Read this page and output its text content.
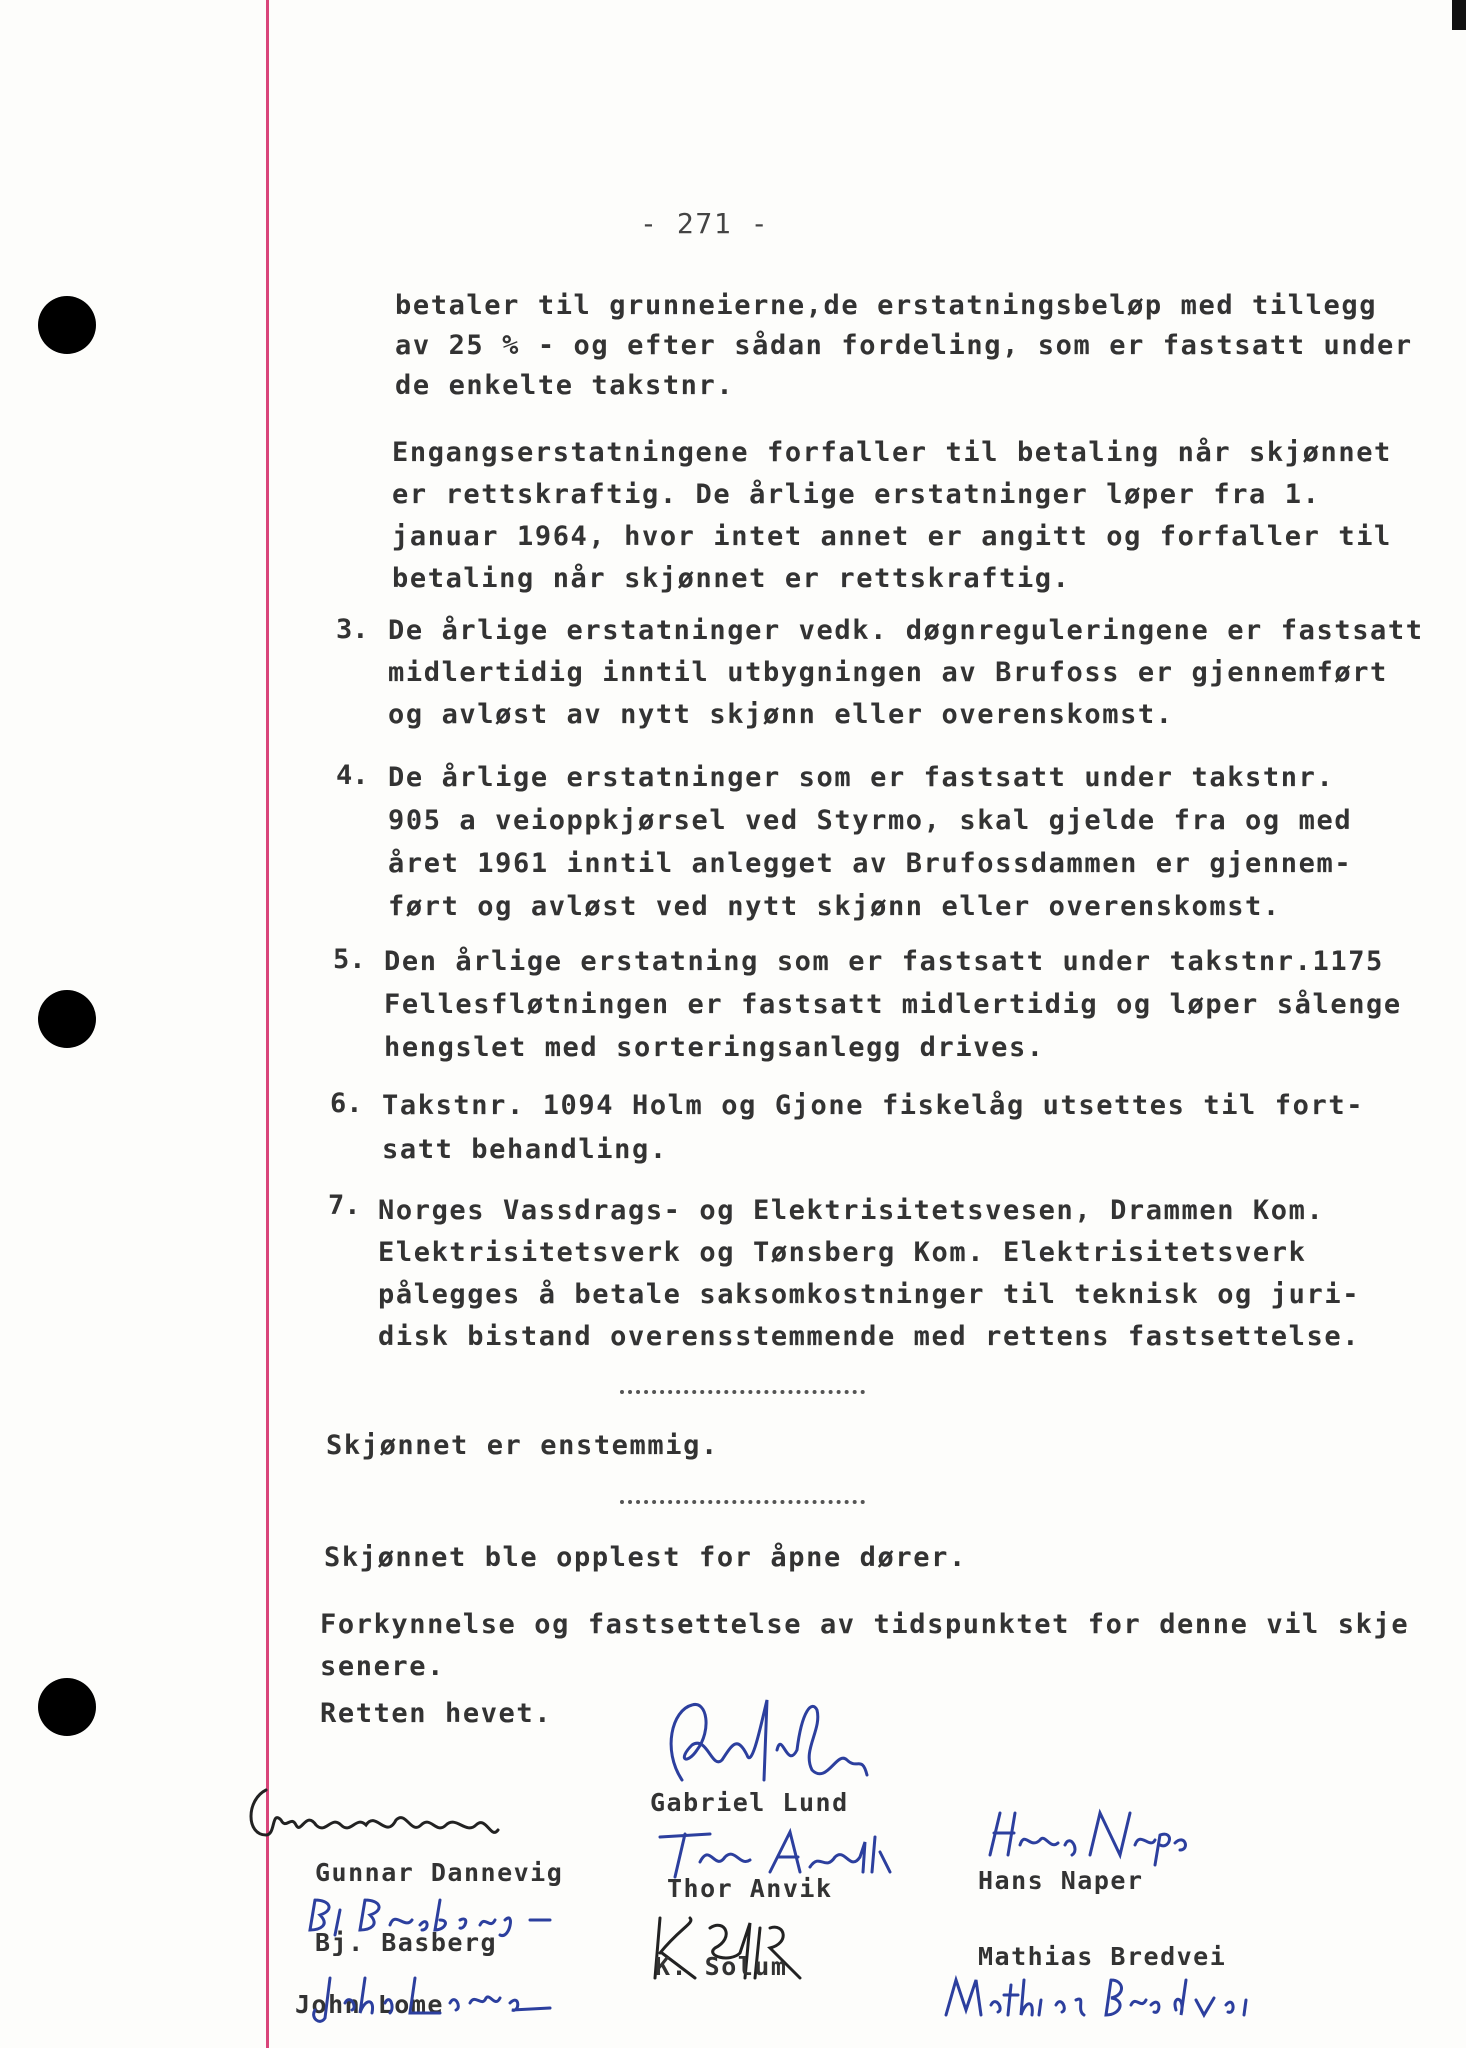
- 271 -
betaler til grunneierne,de erstatningsbeløp med tillegg
av 25 % - og efter sådan fordeling, som er fastsatt under
de enkelte takstnr.
Engangserstatningene forfaller til betaling når skjønnet
er rettskraftig. De årlige erstatninger løper fra 1.
januar 1964, hvor intet annet er angitt og forfaller til
betaling når skjønnet er rettskraftig.
3. De årlige erstatninger vedk. døgnreguleringene er fastsatt
midlertidig inntil utbygningen av Brufoss er gjennemført
og avløst av nytt skjønn eller overenskomst.
4. De årlige erstatninger som er fastsatt under takstnr.
905 a veioppkjørsel ved Styrmo, skal gjelde fra og med
året 1961 inntil anlegget av Brufossdammen er gjennem-
ført og avløst ved nytt skjønn eller overenskomst.
5. Den årlige erstatning som er fastsatt under takstnr.1175
Fellesfløtningen er fastsatt midlertidig og løper sålenge
hengslet med sorteringsanlegg drives.
6. Takstnr. 1094 Holm og Gjone fiskelåg utsettes til fort-
satt behandling.
7. Norges Vassdrags- og Elektrisitetsvesen, Drammen Kom.
Elektrisitetsverk og Tønsberg Kom. Elektrisitetsverk
pålegges å betale saksomkostninger til teknisk og juri-
disk bistand overensstemmende med rettens fastsettelse.
Skjønnet er enstemmig.
Skjønnet ble opplest for åpne dører.
Forkynnelse og fastsettelse av tidspunktet for denne vil skje
senere.
Retten hevet.
Gabriel Lund
Gunnar Dannevig
Thor Anvik	Hans Naper
Bj. Basberg
K. Solum	Mathias Bredvei
John Lome
